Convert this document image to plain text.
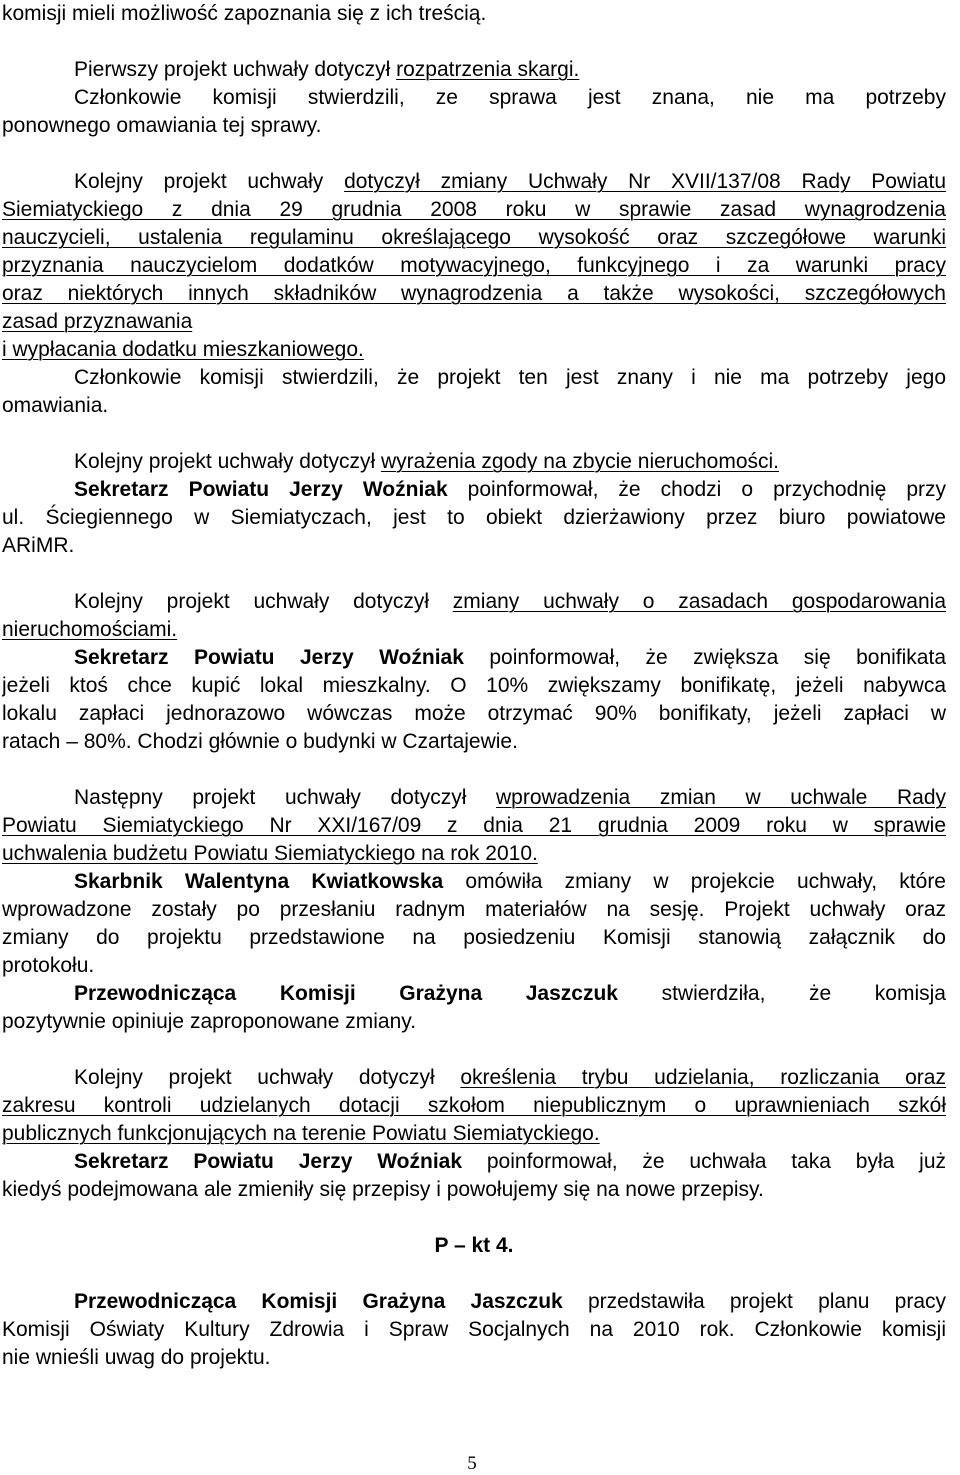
komisji mieli możliwość zapoznania się z ich treścią.
Pierwszy projekt uchwały dotyczył rozpatrzenia skargi.
Członkowie komisji stwierdzili, ze sprawa jest znana, nie ma potrzeby
ponownego omawiania tej sprawy.
Kolejny projekt uchwały dotyczył zmiany Uchwały Nr XVII/137/08 Rady Powiatu
Siemiatyckiego z dnia 29 grudnia 2008 roku w sprawie zasad wynagrodzenia
nauczycieli, ustalenia regulaminu określającego wysokość oraz szczegółowe warunki
przyznania nauczycielom dodatków motywacyjnego, funkcyjnego i za warunki pracy
oraz niektórych innych składników wynagrodzenia a także wysokości, szczegółowych
zasad przyznawania
i wypłacania dodatku mieszkaniowego.
Członkowie komisji stwierdzili, że projekt ten jest znany i nie ma potrzeby jego
omawiania.
Kolejny projekt uchwały dotyczył wyrażenia zgody na zbycie nieruchomości.
Sekretarz Powiatu Jerzy Woźniak poinformował, że chodzi o przychodnię przy
ul. Ściegiennego w Siemiatyczach, jest to obiekt dzierżawiony przez biuro powiatowe
ARiMR.
Kolejny projekt uchwały dotyczył zmiany uchwały o zasadach gospodarowania
nieruchomościami.
Sekretarz Powiatu Jerzy Woźniak poinformował, że zwiększa się bonifikata
jeżeli ktoś chce kupić lokal mieszkalny. O 10% zwiększamy bonifikatę, jeżeli nabywca
lokalu zapłaci jednorazowo wówczas może otrzymać 90% bonifikaty, jeżeli zapłaci w
ratach – 80%. Chodzi głównie o budynki w Czartajewie.
Następny projekt uchwały dotyczył wprowadzenia zmian w uchwale Rady
Powiatu Siemiatyckiego Nr XXI/167/09 z dnia 21 grudnia 2009 roku w sprawie
uchwalenia budżetu Powiatu Siemiatyckiego na rok 2010.
Skarbnik Walentyna Kwiatkowska omówiła zmiany w projekcie uchwały, które
wprowadzone zostały po przesłaniu radnym materiałów na sesję. Projekt uchwały oraz
zmiany do projektu przedstawione na posiedzeniu Komisji stanowią załącznik do
protokołu.
Przewodnicząca Komisji Grażyna Jaszczuk stwierdziła, że komisja
pozytywnie opiniuje zaproponowane zmiany.
Kolejny projekt uchwały dotyczył określenia trybu udzielania, rozliczania oraz
zakresu kontroli udzielanych dotacji szkołom niepublicznym o uprawnieniach szkół
publicznych funkcjonujących na terenie Powiatu Siemiatyckiego.
Sekretarz Powiatu Jerzy Woźniak poinformował, że uchwała taka była już
kiedyś podejmowana ale zmieniły się przepisy i powołujemy się na nowe przepisy.
P – kt 4.
Przewodnicząca Komisji Grażyna Jaszczuk przedstawiła projekt planu pracy
Komisji Oświaty Kultury Zdrowia i Spraw Socjalnych na 2010 rok. Członkowie komisji
nie wnieśli uwag do projektu.
5
